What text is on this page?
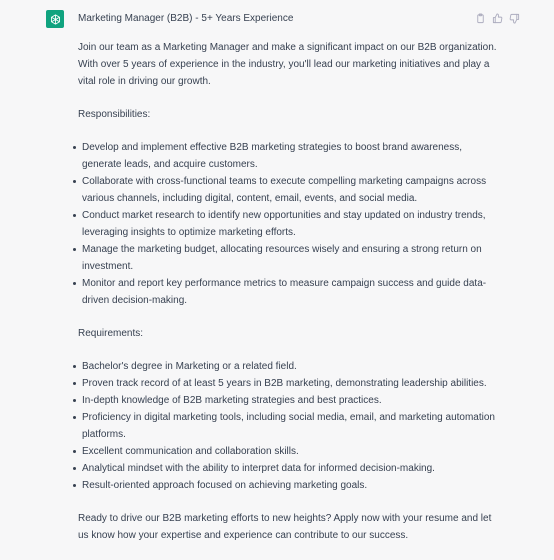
Marketing Manager (B2B) - 5+ Years Experience

Join our team as a Marketing Manager and make a significant impact on our B2B organization. With over 5 years of experience in the industry, you'll lead our marketing initiatives and play a vital role in driving our growth.

Responsibilities:

Develop and implement effective B2B marketing strategies to boost brand awareness, generate leads, and acquire customers.
Collaborate with cross-functional teams to execute compelling marketing campaigns across various channels, including digital, content, email, events, and social media.
Conduct market research to identify new opportunities and stay updated on industry trends, leveraging insights to optimize marketing efforts.
Manage the marketing budget, allocating resources wisely and ensuring a strong return on investment.
Monitor and report key performance metrics to measure campaign success and guide data-driven decision-making.

Requirements:

Bachelor's degree in Marketing or a related field.
Proven track record of at least 5 years in B2B marketing, demonstrating leadership abilities.
In-depth knowledge of B2B marketing strategies and best practices.
Proficiency in digital marketing tools, including social media, email, and marketing automation platforms.
Excellent communication and collaboration skills.
Analytical mindset with the ability to interpret data for informed decision-making.
Result-oriented approach focused on achieving marketing goals.

Ready to drive our B2B marketing efforts to new heights? Apply now with your resume and let us know how your expertise and experience can contribute to our success.
